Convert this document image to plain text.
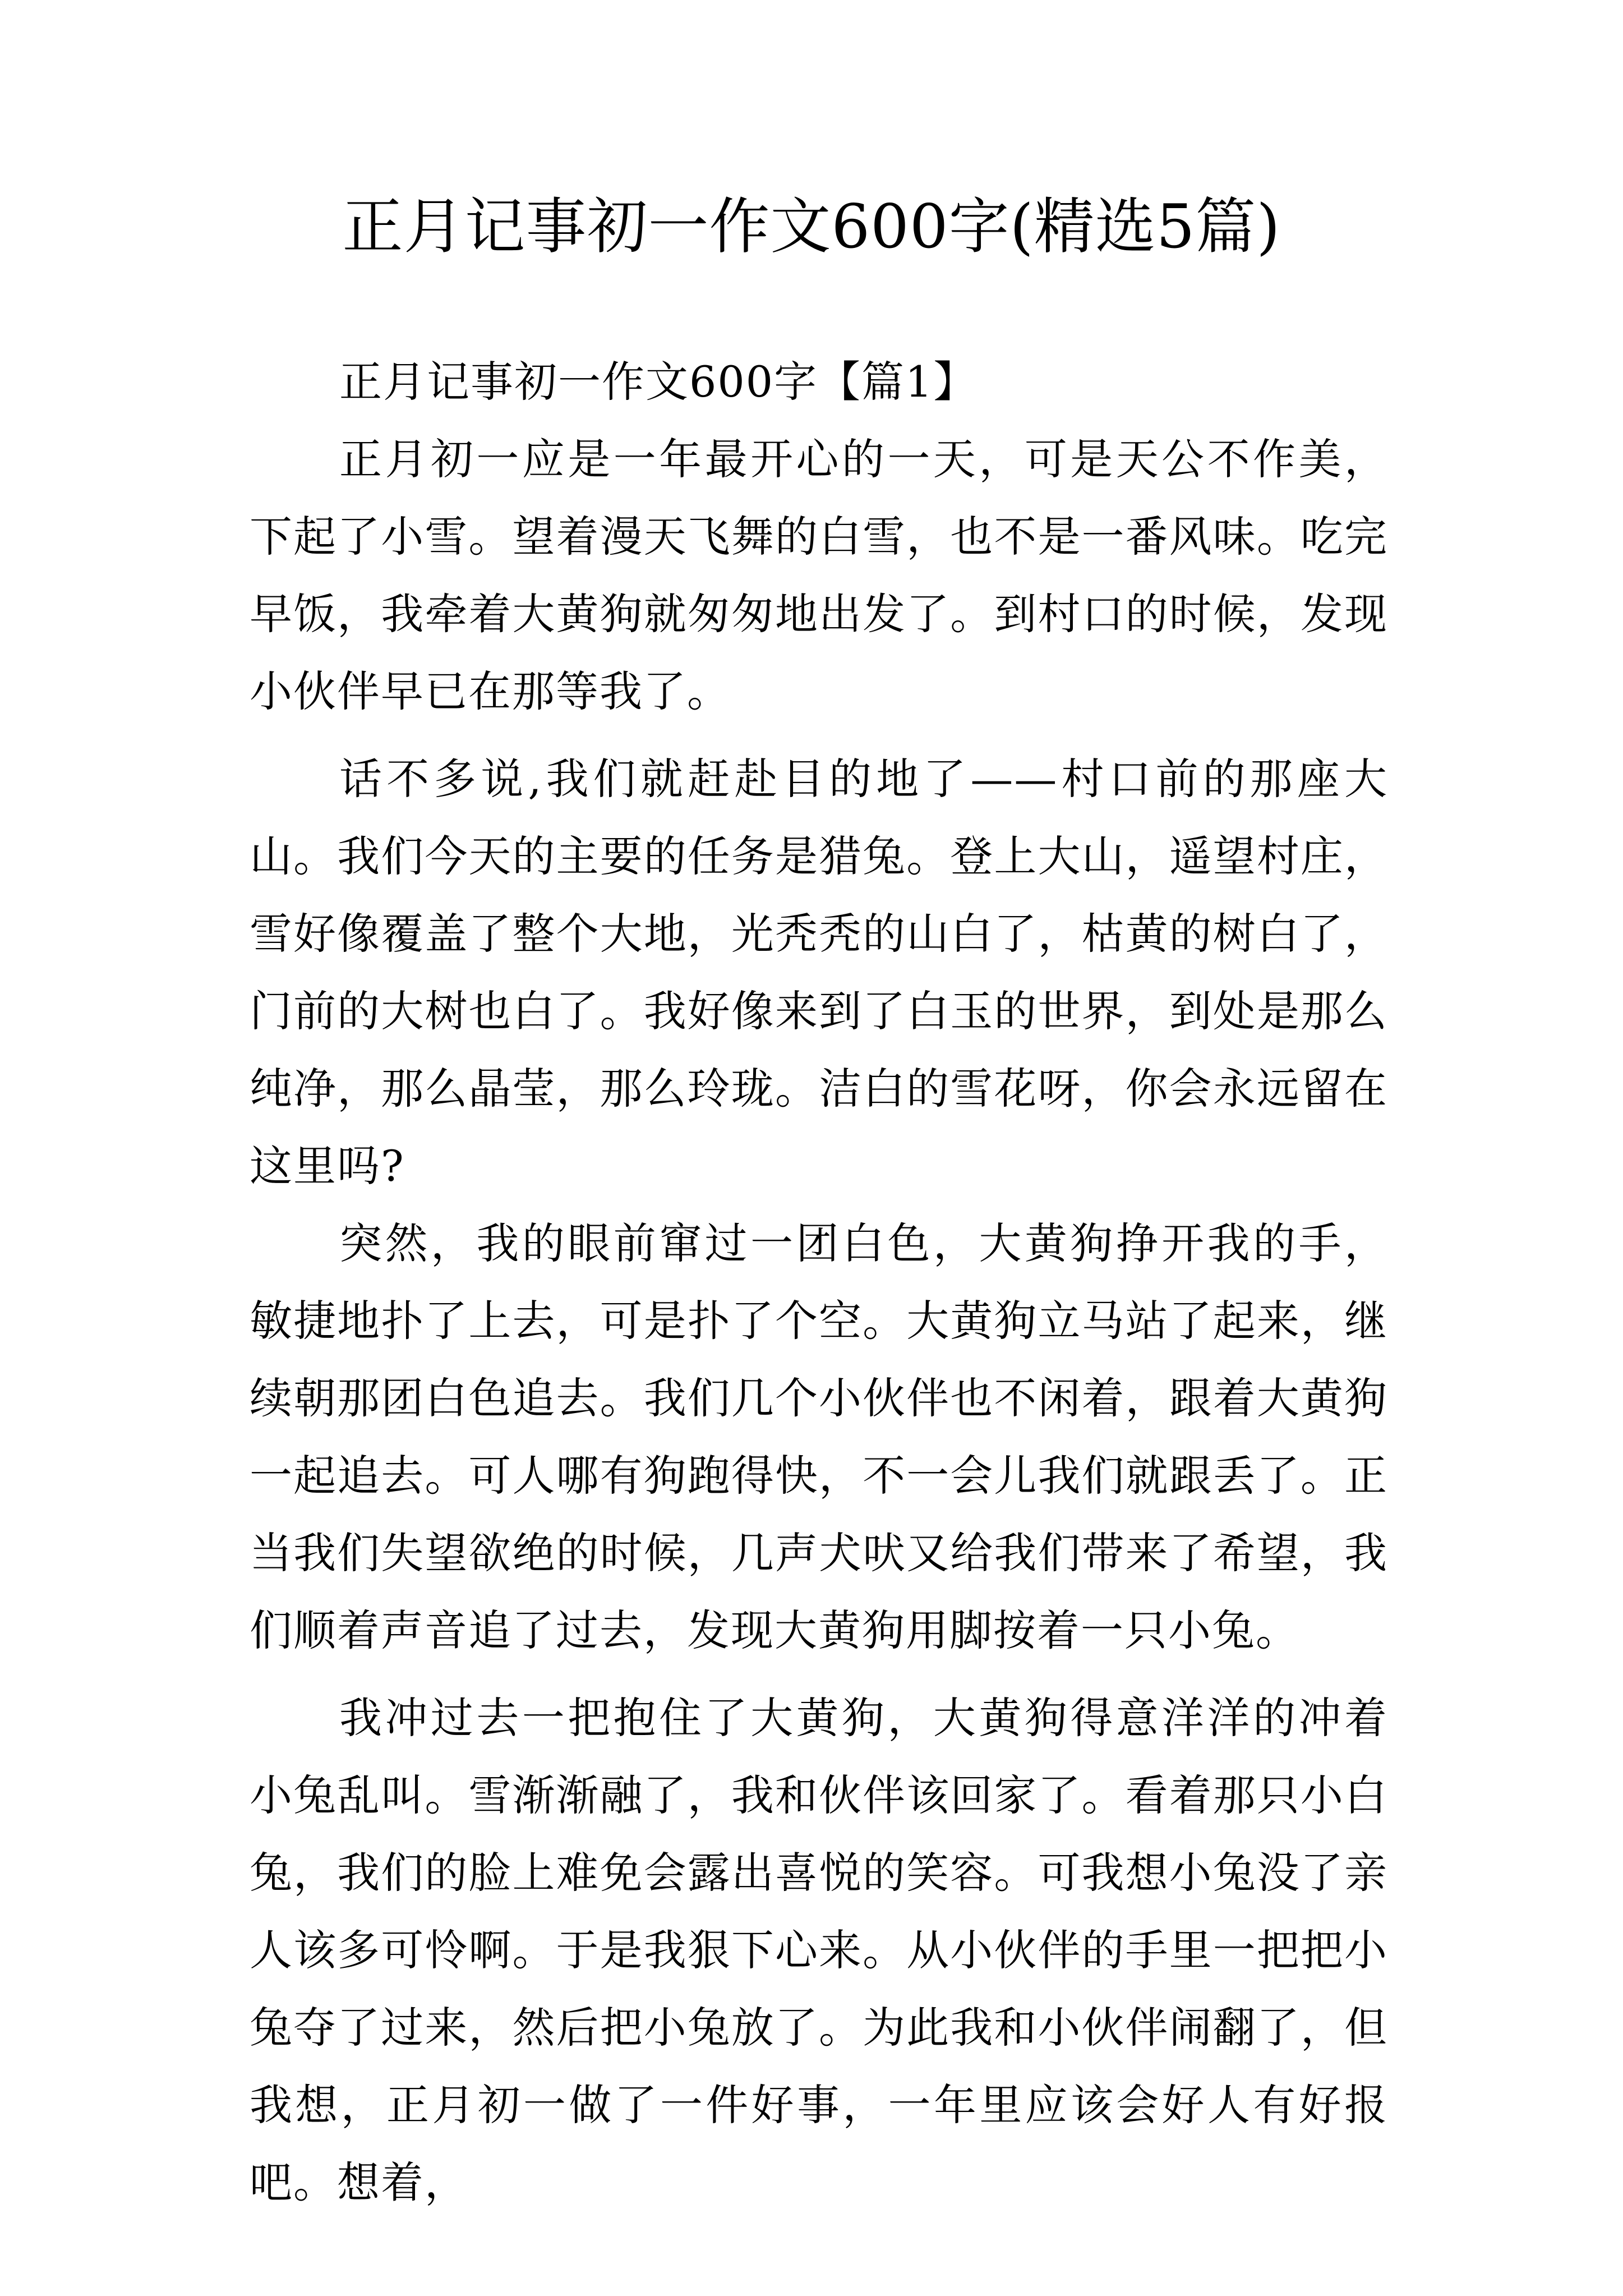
正月记事初一作文600字(精选5篇)

正月记事初一作文600字【篇1】

正月初一应是一年最开心的一天，可是天公不作美，下起了小雪。望着漫天飞舞的白雪，也不是一番风味。吃完早饭，我牵着大黄狗就匆匆地出发了。到村口的时候，发现小伙伴早已在那等我了。

话不多说,我们就赶赴目的地了——村口前的那座大山。我们今天的主要的任务是猎兔。登上大山，遥望村庄，雪好像覆盖了整个大地，光秃秃的山白了，枯黄的树白了，门前的大树也白了。我好像来到了白玉的世界，到处是那么纯净，那么晶莹，那么玲珑。洁白的雪花呀，你会永远留在这里吗?

突然，我的眼前窜过一团白色，大黄狗挣开我的手，敏捷地扑了上去，可是扑了个空。大黄狗立马站了起来，继续朝那团白色追去。我们几个小伙伴也不闲着，跟着大黄狗一起追去。可人哪有狗跑得快，不一会儿我们就跟丢了。正当我们失望欲绝的时候，几声犬吠又给我们带来了希望，我们顺着声音追了过去，发现大黄狗用脚按着一只小兔。

我冲过去一把抱住了大黄狗，大黄狗得意洋洋的冲着小兔乱叫。雪渐渐融了，我和伙伴该回家了。看着那只小白兔，我们的脸上难免会露出喜悦的笑容。可我想小兔没了亲人该多可怜啊。于是我狠下心来。从小伙伴的手里一把把小兔夺了过来，然后把小兔放了。为此我和小伙伴闹翻了，但我想，正月初一做了一件好事，一年里应该会好人有好报吧。想着，
